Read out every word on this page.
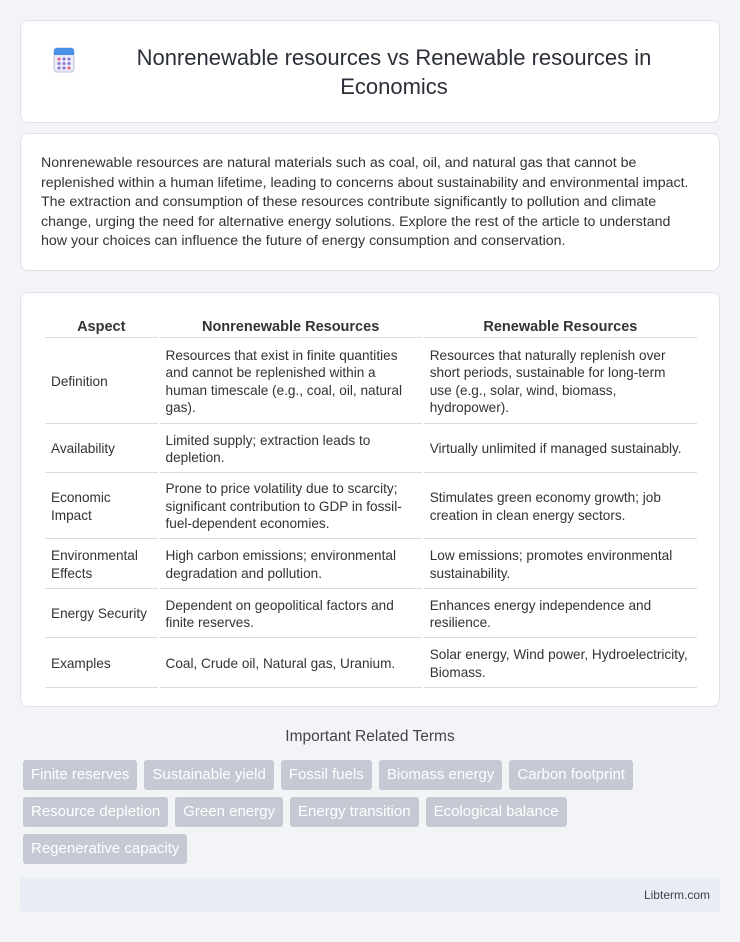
Nonrenewable resources vs Renewable resources in Economics

Nonrenewable resources are natural materials such as coal, oil, and natural gas that cannot be replenished within a human lifetime, leading to concerns about sustainability and environmental impact. The extraction and consumption of these resources contribute significantly to pollution and climate change, urging the need for alternative energy solutions. Explore the rest of the article to understand how your choices can influence the future of energy consumption and conservation.

Aspect	Nonrenewable Resources	Renewable Resources
Definition	Resources that exist in finite quantities and cannot be replenished within a human timescale (e.g., coal, oil, natural gas).	Resources that naturally replenish over short periods, sustainable for long-term use (e.g., solar, wind, biomass, hydropower).
Availability	Limited supply; extraction leads to depletion.	Virtually unlimited if managed sustainably.
Economic Impact	Prone to price volatility due to scarcity; significant contribution to GDP in fossil-fuel-dependent economies.	Stimulates green economy growth; job creation in clean energy sectors.
Environmental Effects	High carbon emissions; environmental degradation and pollution.	Low emissions; promotes environmental sustainability.
Energy Security	Dependent on geopolitical factors and finite reserves.	Enhances energy independence and resilience.
Examples	Coal, Crude oil, Natural gas, Uranium.	Solar energy, Wind power, Hydroelectricity, Biomass.
Important Related Terms
Finite reserves	Sustainable yield	Fossil fuels	Biomass energy	Carbon footprint
Resource depletion	Green energy	Energy transition	Ecological balance
Regenerative capacity
Libterm.com
